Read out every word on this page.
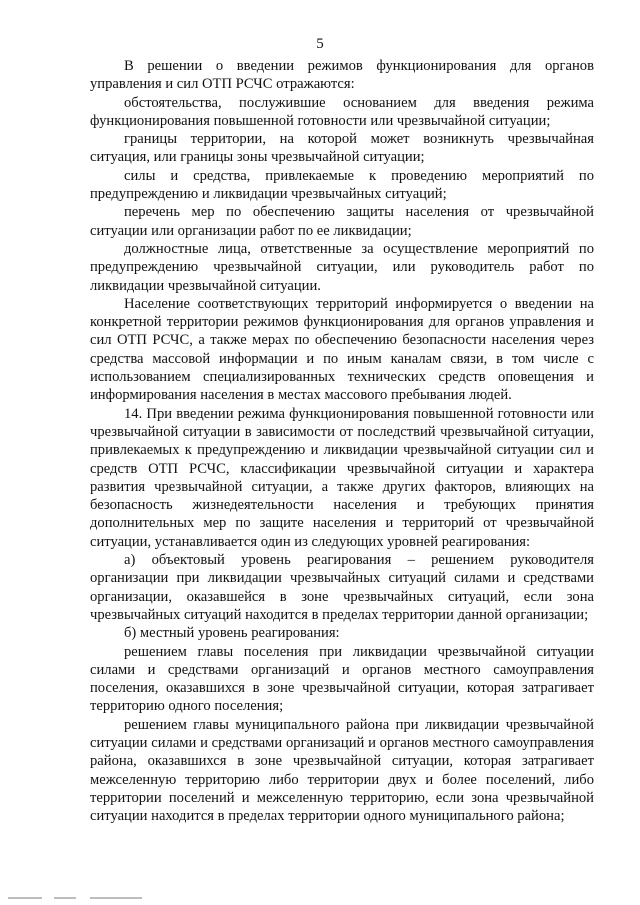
5

В решении о введении режимов функционирования для органов управления и сил ОТП РСЧС отражаются:

обстоятельства, послужившие основанием для введения режима функционирования повышенной готовности или чрезвычайной ситуации;

границы территории, на которой может возникнуть чрезвычайная ситуация, или границы зоны чрезвычайной ситуации;

силы и средства, привлекаемые к проведению мероприятий по предупреждению и ликвидации чрезвычайных ситуаций;

перечень мер по обеспечению защиты населения от чрезвычайной ситуации или организации работ по ее ликвидации;

должностные лица, ответственные за осуществление мероприятий по предупреждению чрезвычайной ситуации, или руководитель работ по ликвидации чрезвычайной ситуации.

Население соответствующих территорий информируется о введении на конкретной территории режимов функционирования для органов управления и сил ОТП РСЧС, а также мерах по обеспечению безопасности населения через средства массовой информации и по иным каналам связи, в том числе с использованием специализированных технических средств оповещения и информирования населения в местах массового пребывания людей.

14. При введении режима функционирования повышенной готовности или чрезвычайной ситуации в зависимости от последствий чрезвычайной ситуации, привлекаемых к предупреждению и ликвидации чрезвычайной ситуации сил и средств ОТП РСЧС, классификации чрезвычайной ситуации и характера развития чрезвычайной ситуации, а также других факторов, влияющих на безопасность жизнедеятельности населения и требующих принятия дополнительных мер по защите населения и территорий от чрезвычайной ситуации, устанавливается один из следующих уровней реагирования:

а) объектовый уровень реагирования – решением руководителя организации при ликвидации чрезвычайных ситуаций силами и средствами организации, оказавшейся в зоне чрезвычайных ситуаций, если зона чрезвычайных ситуаций находится в пределах территории данной организации;

б) местный уровень реагирования:

решением главы поселения при ликвидации чрезвычайной ситуации силами и средствами организаций и органов местного самоуправления поселения, оказавшихся в зоне чрезвычайной ситуации, которая затрагивает территорию одного поселения;

решением главы муниципального района при ликвидации чрезвычайной ситуации силами и средствами организаций и органов местного самоуправления района, оказавшихся в зоне чрезвычайной ситуации, которая затрагивает межселенную территорию либо территории двух и более поселений, либо территории поселений и межселенную территорию, если зона чрезвычайной ситуации находится в пределах территории одного муниципального района;
